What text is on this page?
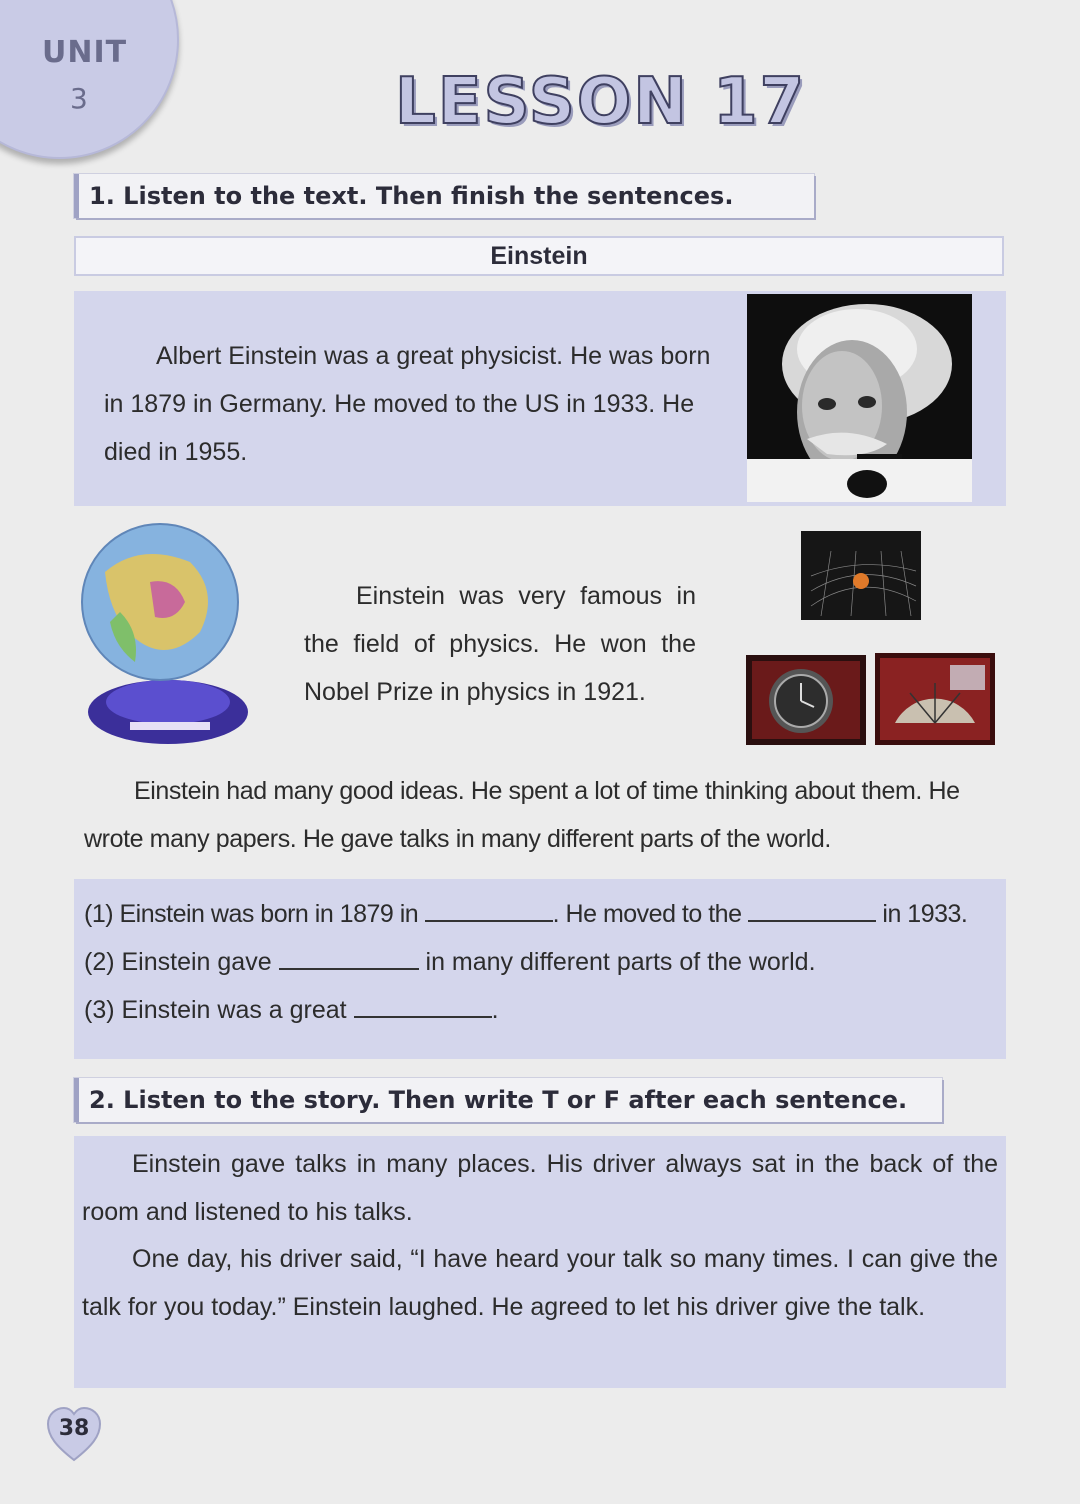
UNIT
3	LESSON 17
1. Listen to the text. Then finish the sentences.
Einstein
Albert Einstein was a great physicist. He was born in 1879 in Germany. He moved to the US in 1933. He died in 1955.
Einstein was very famous in the field of physics. He won the Nobel Prize in physics in 1921.
Einstein had many good ideas. He spent a lot of time thinking about them. He wrote many papers. He gave talks in many different parts of the world.
(1) Einstein was born in 1879 in	. He moved to the	in 1933.
(2) Einstein gave	in many different parts of the world.
(3) Einstein was a great	.
2. Listen to the story. Then write T or F after each sentence.
Einstein gave talks in many places. His driver always sat in the back of the room and listened to his talks.
One day, his driver said, “I have heard your talk so many times. I can give the talk for you today.” Einstein laughed. He agreed to let his driver give the talk.
38
